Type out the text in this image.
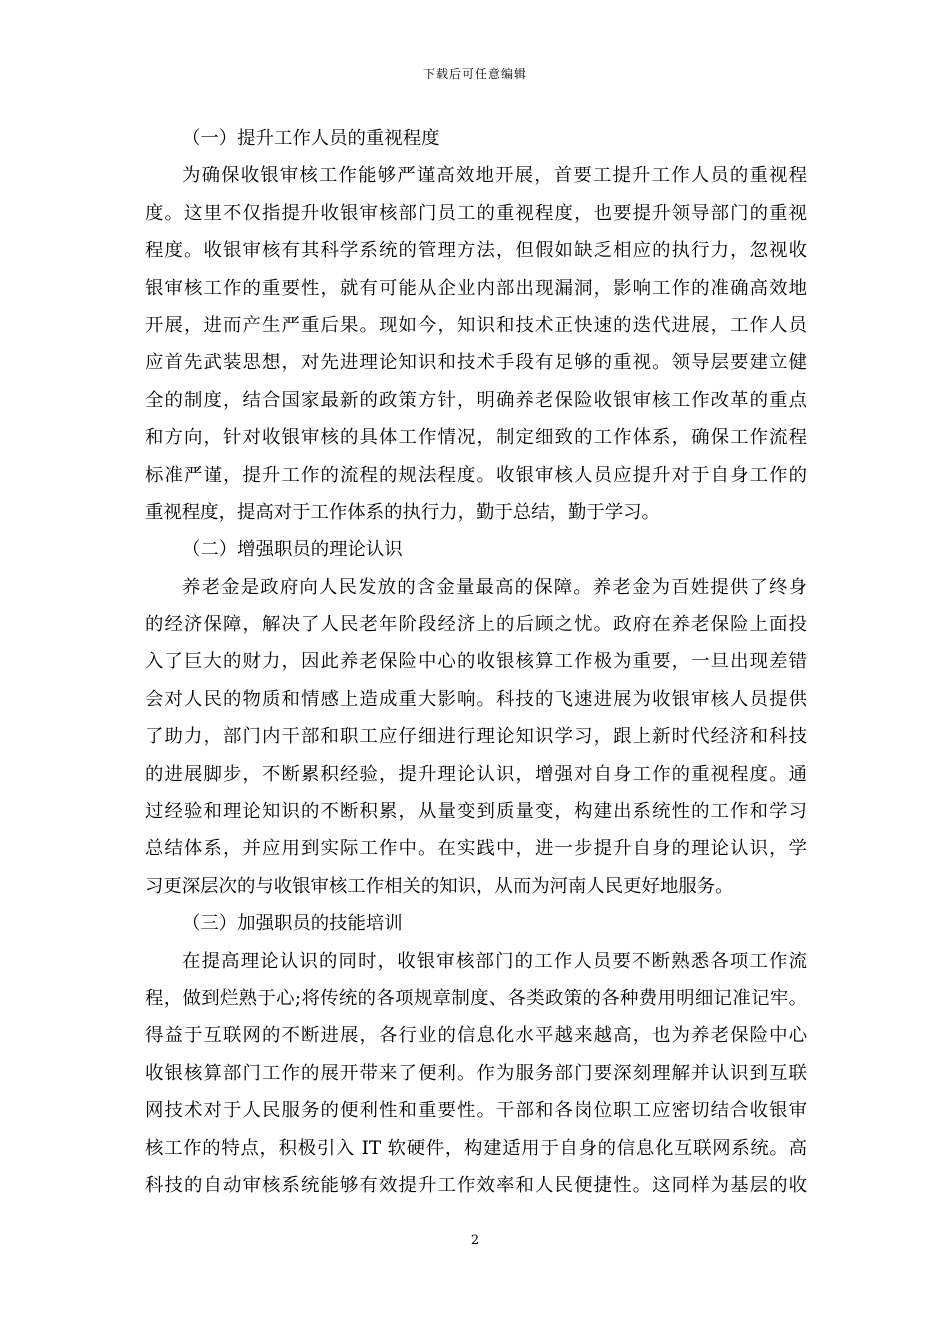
下载后可任意编辑
（一）提升工作人员的重视程度
为确保收银审核工作能够严谨高效地开展，首要工提升工作人员的重视程
度。这里不仅指提升收银审核部门员工的重视程度，也要提升领导部门的重视
程度。收银审核有其科学系统的管理方法，但假如缺乏相应的执行力，忽视收
银审核工作的重要性，就有可能从企业内部出现漏洞，影响工作的准确高效地
开展，进而产生严重后果。现如今，知识和技术正快速的迭代进展，工作人员
应首先武装思想，对先进理论知识和技术手段有足够的重视。领导层要建立健
全的制度，结合国家最新的政策方针，明确养老保险收银审核工作改革的重点
和方向，针对收银审核的具体工作情况，制定细致的工作体系，确保工作流程
标准严谨，提升工作的流程的规法程度。收银审核人员应提升对于自身工作的
重视程度，提高对于工作体系的执行力，勤于总结，勤于学习。
（二）增强职员的理论认识
养老金是政府向人民发放的含金量最高的保障。养老金为百姓提供了终身
的经济保障，解决了人民老年阶段经济上的后顾之忧。政府在养老保险上面投
入了巨大的财力，因此养老保险中心的收银核算工作极为重要，一旦出现差错
会对人民的物质和情感上造成重大影响。科技的飞速进展为收银审核人员提供
了助力，部门内干部和职工应仔细进行理论知识学习，跟上新时代经济和科技
的进展脚步，不断累积经验，提升理论认识，增强对自身工作的重视程度。通
过经验和理论知识的不断积累，从量变到质量变，构建出系统性的工作和学习
总结体系，并应用到实际工作中。在实践中，进一步提升自身的理论认识，学
习更深层次的与收银审核工作相关的知识，从而为河南人民更好地服务。
（三）加强职员的技能培训
在提高理论认识的同时，收银审核部门的工作人员要不断熟悉各项工作流
程，做到烂熟于心;将传统的各项规章制度、各类政策的各种费用明细记准记牢。
得益于互联网的不断进展，各行业的信息化水平越来越高，也为养老保险中心
收银核算部门工作的展开带来了便利。作为服务部门要深刻理解并认识到互联
网技术对于人民服务的便利性和重要性。干部和各岗位职工应密切结合收银审
核工作的特点，积极引入 IT 软硬件，构建适用于自身的信息化互联网系统。高
科技的自动审核系统能够有效提升工作效率和人民便捷性。这同样为基层的收
2
